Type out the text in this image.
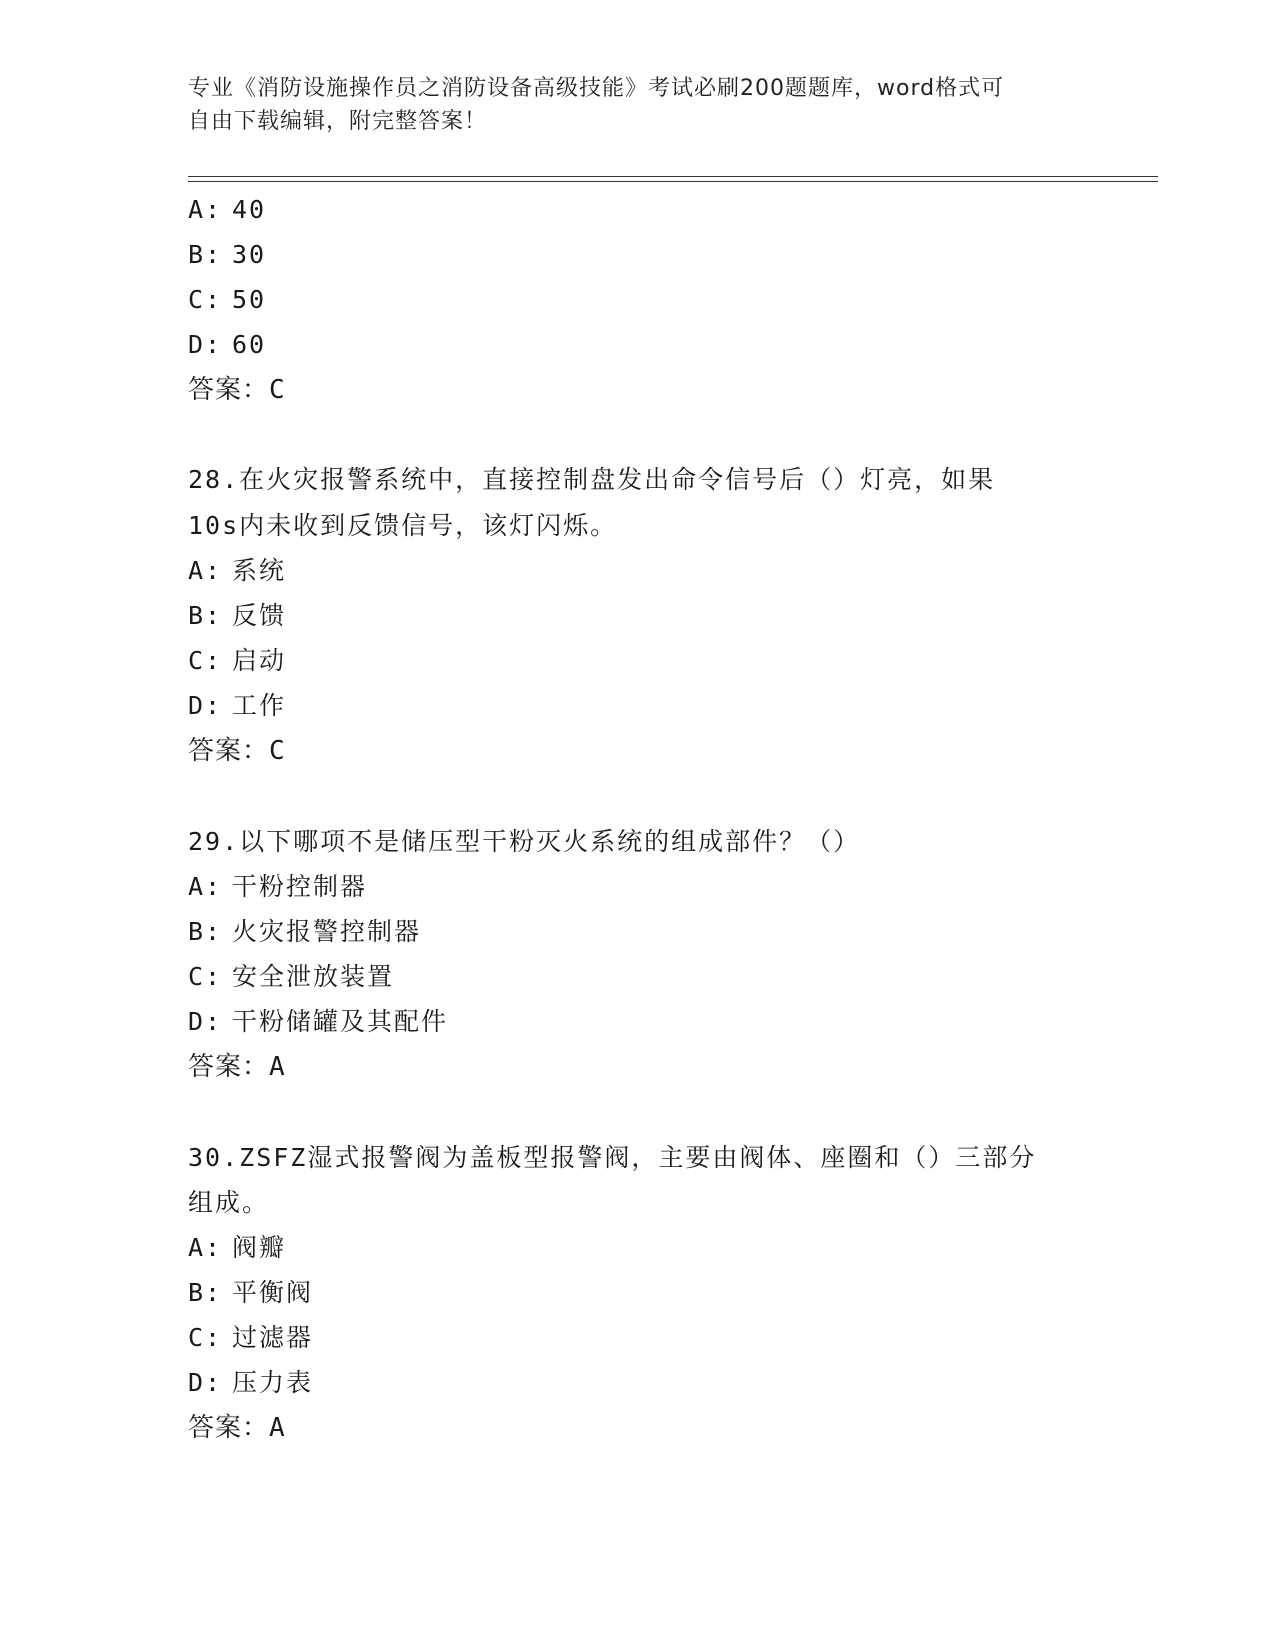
专业《消防设施操作员之消防设备高级技能》考试必刷200题题库，word格式可
自由下载编辑，附完整答案！
A: 40
B: 30
C: 50
D: 60
答案：C
28.在火灾报警系统中，直接控制盘发出命令信号后（）灯亮，如果
10s内未收到反馈信号，该灯闪烁。
A: 系统
B: 反馈
C: 启动
D: 工作
答案：C
29.以下哪项不是储压型干粉灭火系统的组成部件？（）
A: 干粉控制器
B: 火灾报警控制器
C: 安全泄放装置
D: 干粉储罐及其配件
答案：A
30.ZSFZ湿式报警阀为盖板型报警阀，主要由阀体、座圈和（）三部分
组成。
A: 阀瓣
B: 平衡阀
C: 过滤器
D: 压力表
答案：A
